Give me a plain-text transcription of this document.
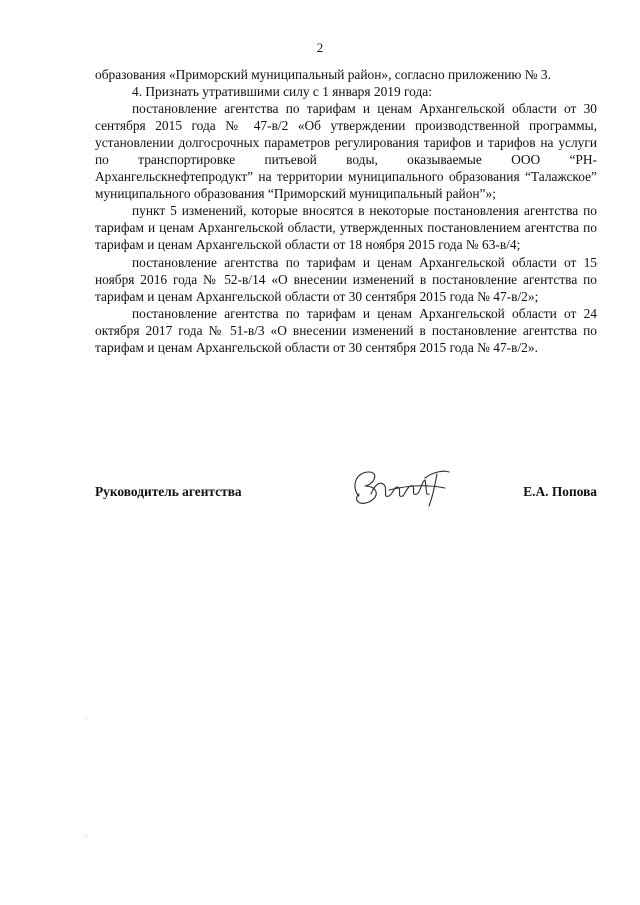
2

образования «Приморский муниципальный район», согласно приложению № 3.

4. Признать утратившими силу с 1 января 2019 года:

постановление агентства по тарифам и ценам Архангельской области от 30 сентября 2015 года № 47-в/2 «Об утверждении производственной программы, установлении долгосрочных параметров регулирования тарифов и тарифов на услуги по транспортировке питьевой воды, оказываемые ООО “РН-Архангельскнефтепродукт” на территории муниципального образования “Талажское” муниципального образования “Приморский муниципальный район”»;

пункт 5 изменений, которые вносятся в некоторые постановления агентства по тарифам и ценам Архангельской области, утвержденных постановлением агентства по тарифам и ценам Архангельской области от 18 ноября 2015 года № 63-в/4;

постановление агентства по тарифам и ценам Архангельской области от 15 ноября 2016 года № 52-в/14 «О внесении изменений в постановление агентства по тарифам и ценам Архангельской области от 30 сентября 2015 года № 47-в/2»;

постановление агентства по тарифам и ценам Архангельской области от 24 октября 2017 года № 51-в/3 «О внесении изменений в постановление агентства по тарифам и ценам Архангельской области от 30 сентября 2015 года № 47-в/2».

Руководитель агентства	Е.А. Попова
